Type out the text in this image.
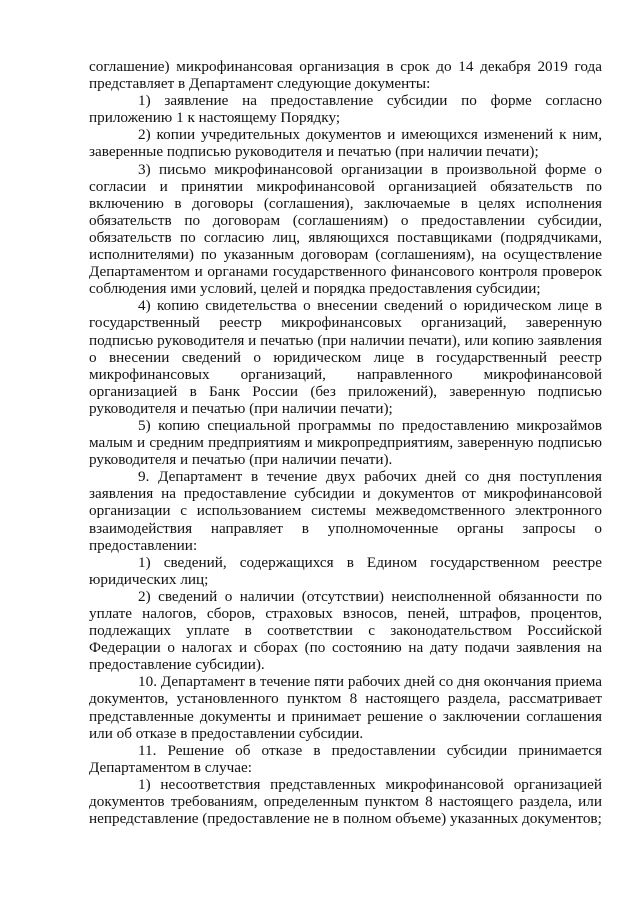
соглашение) микрофинансовая организация в срок до 14 декабря 2019 года представляет в Департамент следующие документы:

1) заявление на предоставление субсидии по форме согласно приложению 1 к настоящему Порядку;

2) копии учредительных документов и имеющихся изменений к ним, заверенные подписью руководителя и печатью (при наличии печати);

3) письмо микрофинансовой организации в произвольной форме о согласии и принятии микрофинансовой организацией обязательств по включению в договоры (соглашения), заключаемые в целях исполнения обязательств по договорам (соглашениям) о предоставлении субсидии, обязательств по согласию лиц, являющихся поставщиками (подрядчиками, исполнителями) по указанным договорам (соглашениям), на осуществление Департаментом и органами государственного финансового контроля проверок соблюдения ими условий, целей и порядка предоставления субсидии;

4) копию свидетельства о внесении сведений о юридическом лице в государственный реестр микрофинансовых организаций, заверенную подписью руководителя и печатью (при наличии печати), или копию заявления о внесении сведений о юридическом лице в государственный реестр микрофинансовых организаций, направленного микрофинансовой организацией в Банк России (без приложений), заверенную подписью руководителя и печатью (при наличии печати);

5) копию специальной программы по предоставлению микрозаймов малым и средним предприятиям и микропредприятиям, заверенную подписью руководителя и печатью (при наличии печати).

9. Департамент в течение двух рабочих дней со дня поступления заявления на предоставление субсидии и документов от микрофинансовой организации с использованием системы межведомственного электронного взаимодействия направляет в уполномоченные органы запросы о предоставлении:

1) сведений, содержащихся в Едином государственном реестре юридических лиц;

2) сведений о наличии (отсутствии) неисполненной обязанности по уплате налогов, сборов, страховых взносов, пеней, штрафов, процентов, подлежащих уплате в соответствии с законодательством Российской Федерации о налогах и сборах (по состоянию на дату подачи заявления на предоставление субсидии).

10. Департамент в течение пяти рабочих дней со дня окончания приема документов, установленного пунктом 8 настоящего раздела, рассматривает представленные документы и принимает решение о заключении соглашения или об отказе в предоставлении субсидии.

11. Решение об отказе в предоставлении субсидии принимается Департаментом в случае:

1) несоответствия представленных микрофинансовой организацией документов требованиям, определенным пунктом 8 настоящего раздела, или непредставление (предоставление не в полном объеме) указанных документов;
